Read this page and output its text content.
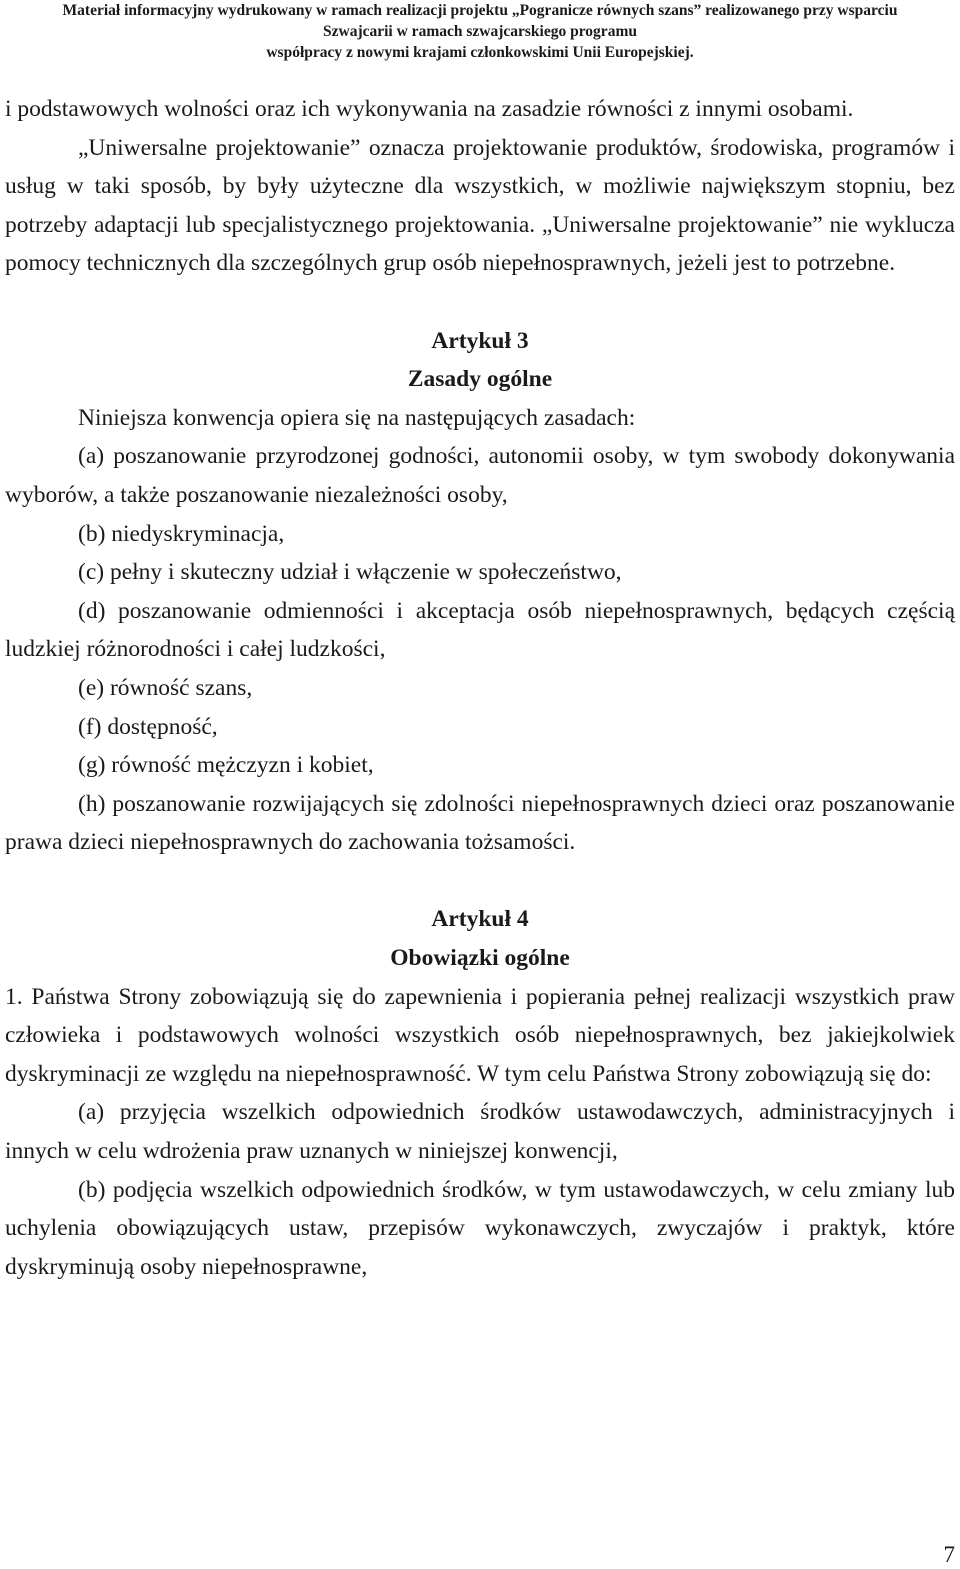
Materiał informacyjny wydrukowany w ramach realizacji projektu „Pogranicze równych szans” realizowanego przy wsparciu
Szwajcarii w ramach szwajcarskiego programu
współpracy z nowymi krajami członkowskimi Unii Europejskiej.

i podstawowych wolności oraz ich wykonywania na zasadzie równości z innymi osobami.

„Uniwersalne projektowanie” oznacza projektowanie produktów, środowiska, programów i usług w taki sposób, by były użyteczne dla wszystkich, w możliwie największym stopniu, bez potrzeby adaptacji lub specjalistycznego projektowania. „Uniwersalne projektowanie” nie wyklucza pomocy technicznych dla szczególnych grup osób niepełnosprawnych, jeżeli jest to potrzebne.

Artykuł 3

Zasady ogólne

Niniejsza konwencja opiera się na następujących zasadach:

(a) poszanowanie przyrodzonej godności, autonomii osoby, w tym swobody dokonywania wyborów, a także poszanowanie niezależności osoby,

(b) niedyskryminacja,

(c) pełny i skuteczny udział i włączenie w społeczeństwo,

(d) poszanowanie odmienności i akceptacja osób niepełnosprawnych, będących częścią ludzkiej różnorodności i całej ludzkości,

(e) równość szans,

(f) dostępność,

(g) równość mężczyzn i kobiet,

(h) poszanowanie rozwijających się zdolności niepełnosprawnych dzieci oraz poszanowanie prawa dzieci niepełnosprawnych do zachowania tożsamości.

Artykuł 4

Obowiązki ogólne

1. Państwa Strony zobowiązują się do zapewnienia i popierania pełnej realizacji wszystkich praw człowieka i podstawowych wolności wszystkich osób niepełnosprawnych, bez jakiejkolwiek dyskryminacji ze względu na niepełnosprawność. W tym celu Państwa Strony zobowiązują się do:

(a) przyjęcia wszelkich odpowiednich środków ustawodawczych, administracyjnych i innych w celu wdrożenia praw uznanych w niniejszej konwencji,

(b) podjęcia wszelkich odpowiednich środków, w tym ustawodawczych, w celu zmiany lub uchylenia obowiązujących ustaw, przepisów wykonawczych, zwyczajów i praktyk, które dyskryminują osoby niepełnosprawne,

7
